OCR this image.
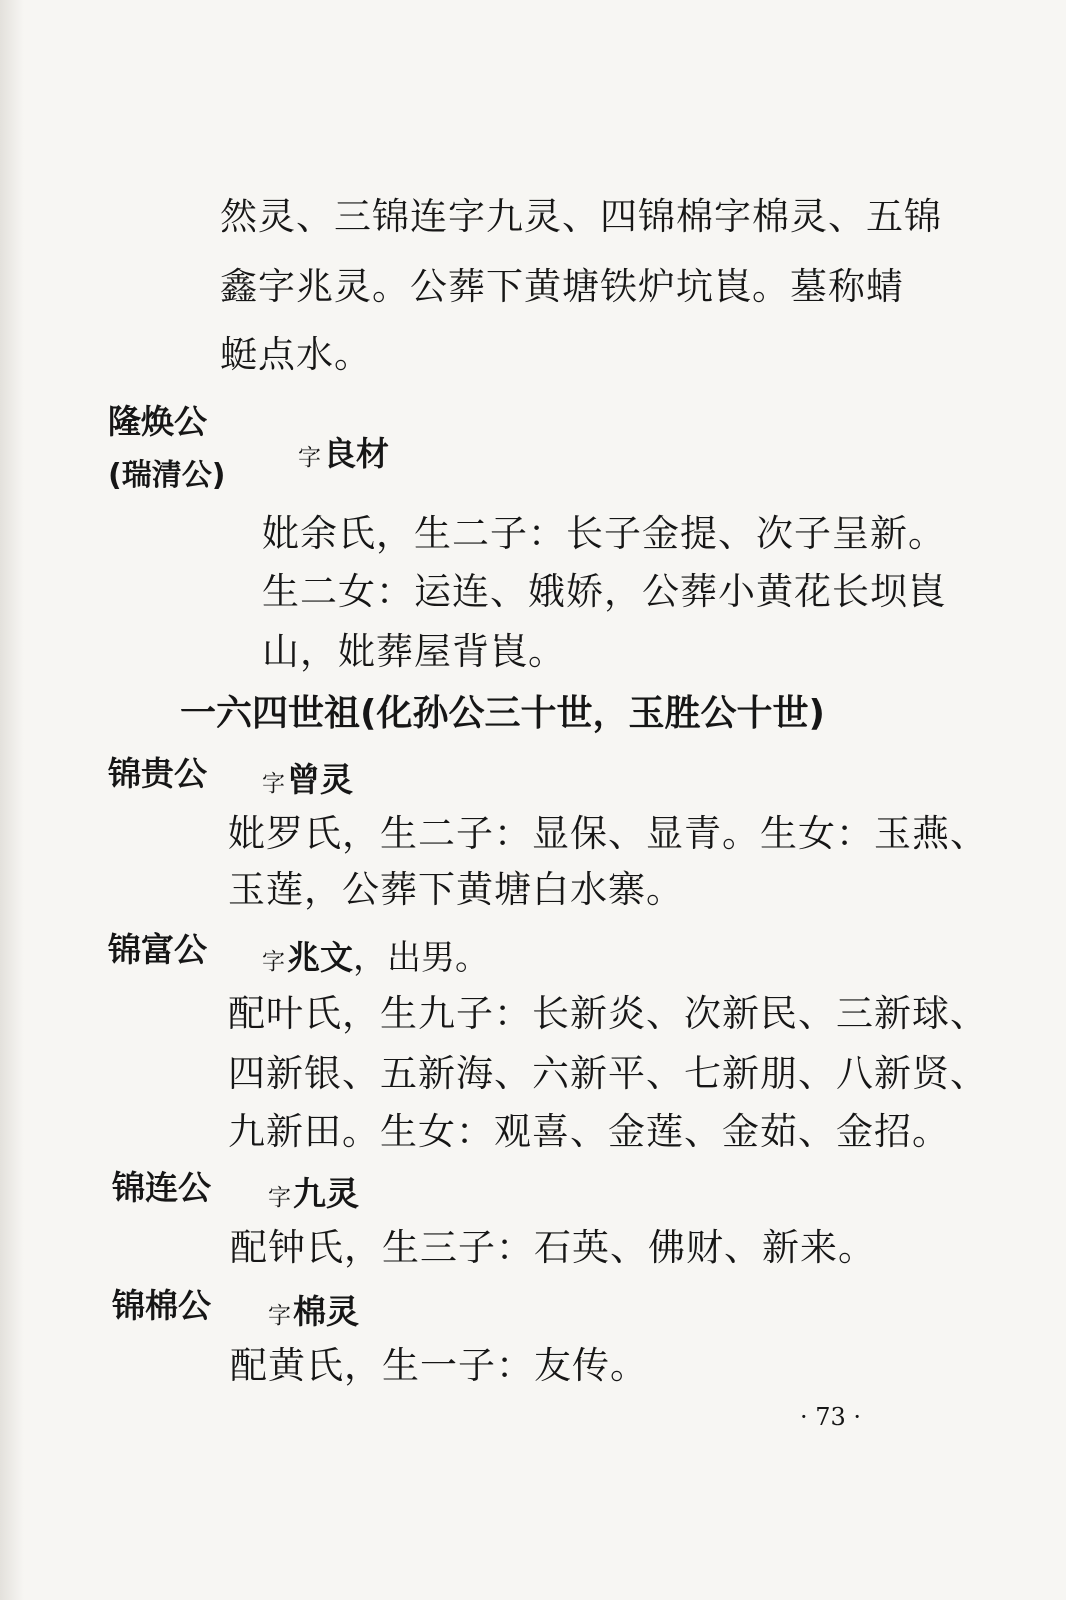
然灵、三锦连字九灵、四锦棉字棉灵、五锦
鑫字兆灵。公葬下黄塘铁炉坑崀。墓称蜻
蜓点水。
隆焕公
(瑞清公)	字良材
妣余氏，生二子：长子金提、次子呈新。
生二女：运连、娥娇，公葬小黄花长坝崀
山，妣葬屋背崀。
一六四世祖(化孙公三十世，玉胜公十世)
锦贵公 字曾灵
妣罗氏，生二子：显保、显青。生女：玉燕、
玉莲，公葬下黄塘白水寨。
锦富公 字兆文，出男。
配叶氏，生九子：长新炎、次新民、三新球、
四新银、五新海、六新平、七新朋、八新贤、
九新田。生女：观喜、金莲、金茹、金招。
锦连公 字九灵
配钟氏，生三子：石英、佛财、新来。
锦棉公 字棉灵
配黄氏，生一子：友传。
· 73 ·
